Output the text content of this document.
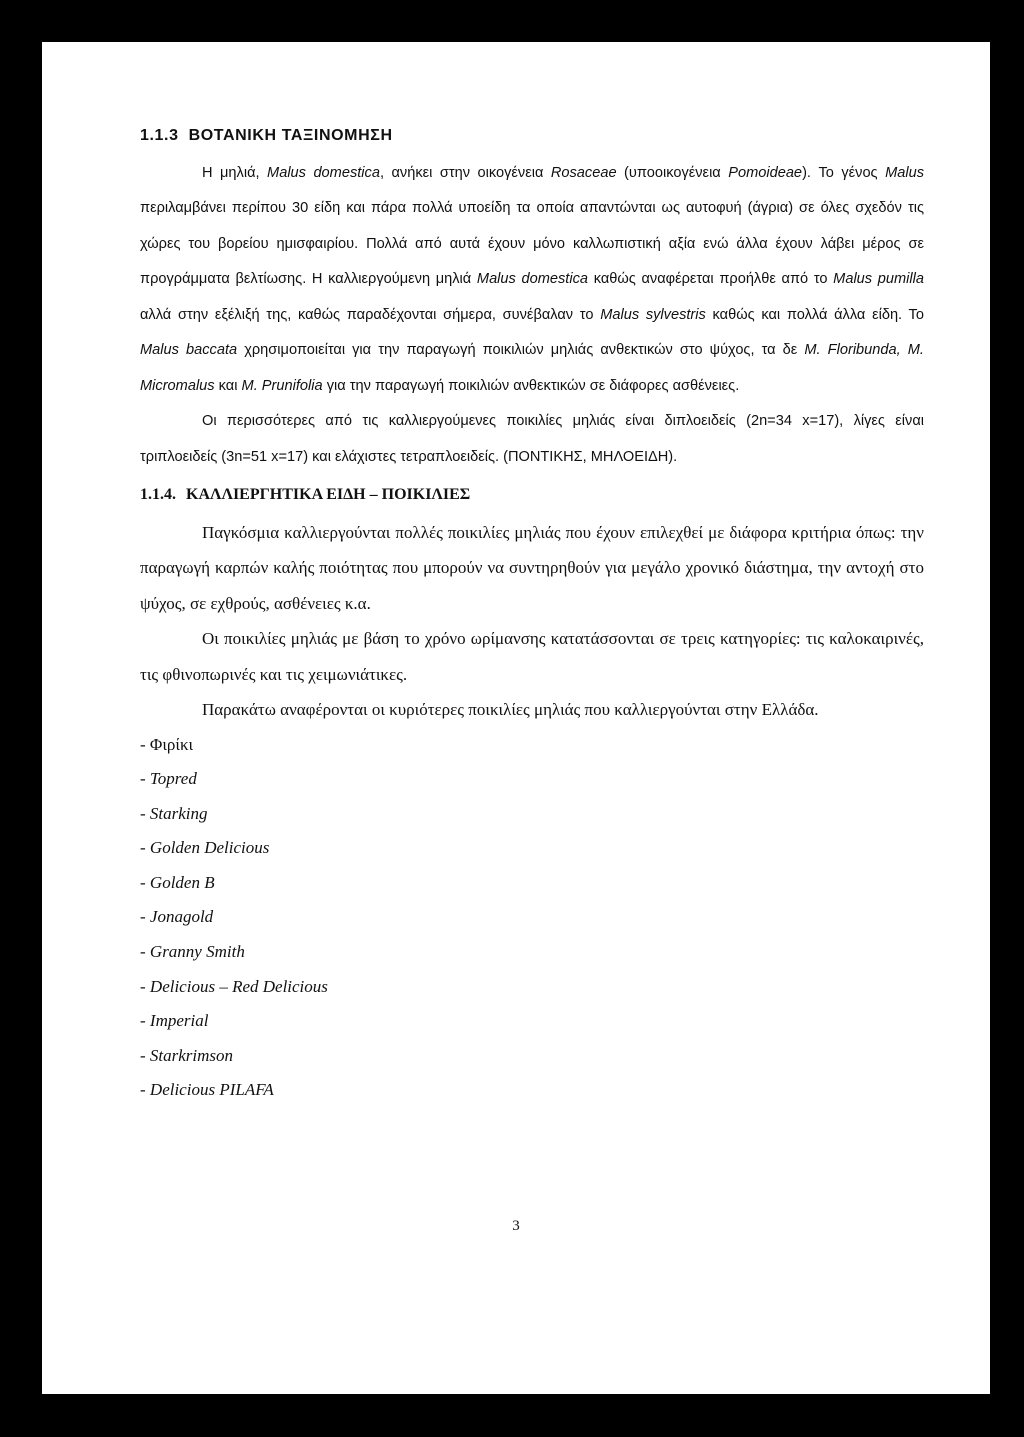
1.1.3 ΒΟΤΑΝΙΚΗ ΤΑΞΙΝΟΜΗΣΗ

Η μηλιά, Malus domestica, ανήκει στην οικογένεια Rosaceae (υποοικογένεια Pomoideae). Το γένος Malus περιλαμβάνει περίπου 30 είδη και πάρα πολλά υποείδη τα οποία απαντώνται ως αυτοφυή (άγρια) σε όλες σχεδόν τις χώρες του βορείου ημισφαιρίου. Πολλά από αυτά έχουν μόνο καλλωπιστική αξία ενώ άλλα έχουν λάβει μέρος σε προγράμματα βελτίωσης. Η καλλιεργούμενη μηλιά Malus domestica καθώς αναφέρεται προήλθε από το Malus pumilla αλλά στην εξέλιξή της, καθώς παραδέχονται σήμερα, συνέβαλαν το Malus sylvestris καθώς και πολλά άλλα είδη. Το Malus baccata χρησιμοποιείται για την παραγωγή ποικιλιών μηλιάς ανθεκτικών στο ψύχος, τα δε M. Floribunda, M. Micromalus και M. Prunifolia για την παραγωγή ποικιλιών ανθεκτικών σε διάφορες ασθένειες.

Οι περισσότερες από τις καλλιεργούμενες ποικιλίες μηλιάς είναι διπλοειδείς (2n=34 x=17), λίγες είναι τριπλοειδείς (3n=51 x=17) και ελάχιστες τετραπλοειδείς. (ΠΟΝΤΙΚΗΣ, ΜΗΛΟΕΙΔΗ).

1.1.4. ΚΑΛΛΙΕΡΓΗΤΙΚΑ ΕΙΔΗ – ΠΟΙΚΙΛΙΕΣ

Παγκόσμια καλλιεργούνται πολλές ποικιλίες μηλιάς που έχουν επιλεχθεί με διάφορα κριτήρια όπως: την παραγωγή καρπών καλής ποιότητας που μπορούν να συντηρηθούν για μεγάλο χρονικό διάστημα, την αντοχή στο ψύχος, σε εχθρούς, ασθένειες κ.α.

Οι ποικιλίες μηλιάς με βάση το χρόνο ωρίμανσης κατατάσσονται σε τρεις κατηγορίες: τις καλοκαιρινές, τις φθινοπωρινές και τις χειμωνιάτικες.

Παρακάτω αναφέρονται οι κυριότερες ποικιλίες μηλιάς που καλλιεργούνται στην Ελλάδα.

- Φιρίκι
- Topred
- Starking
- Golden Delicious
- Golden B
- Jonagold
- Granny Smith
- Delicious – Red Delicious
- Imperial
- Starkrimson
- Delicious PILAFA
3
